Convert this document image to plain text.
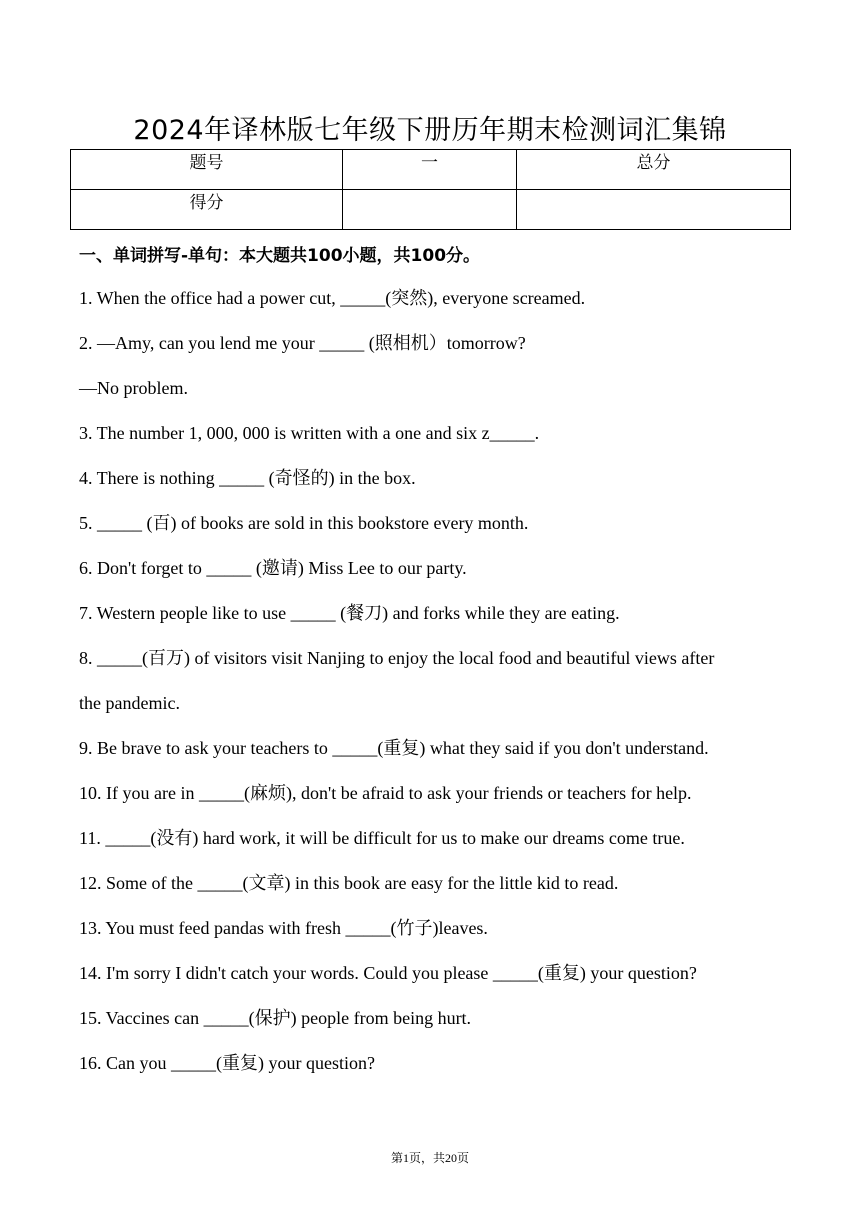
2024年译林版七年级下册历年期末检测词汇集锦
题号	一	总分
得分		
一、单词拼写-单句：本大题共100小题，共100分。
1. When the office had a power cut, _____(突然), everyone screamed.
2. —Amy, can you lend me your _____ (照相机）tomorrow?
—No problem.
3. The number 1, 000, 000 is written with a one and six z_____.
4. There is nothing _____ (奇怪的) in the box.
5. _____ (百) of books are sold in this bookstore every month.
6. Don't forget to _____ (邀请) Miss Lee to our party.
7. Western people like to use _____ (餐刀) and forks while they are eating.
8. _____(百万) of visitors visit Nanjing to enjoy the local food and beautiful views after
the pandemic.
9. Be brave to ask your teachers to _____(重复) what they said if you don't understand.
10. If you are in _____(麻烦), don't be afraid to ask your friends or teachers for help.
11. _____(没有) hard work, it will be difficult for us to make our dreams come true.
12. Some of the _____(文章) in this book are easy for the little kid to read.
13. You must feed pandas with fresh _____(竹子)leaves.
14. I'm sorry I didn't catch your words. Could you please _____(重复) your question?
15. Vaccines can _____(保护) people from being hurt.
16. Can you _____(重复) your question?
第1页，共20页
